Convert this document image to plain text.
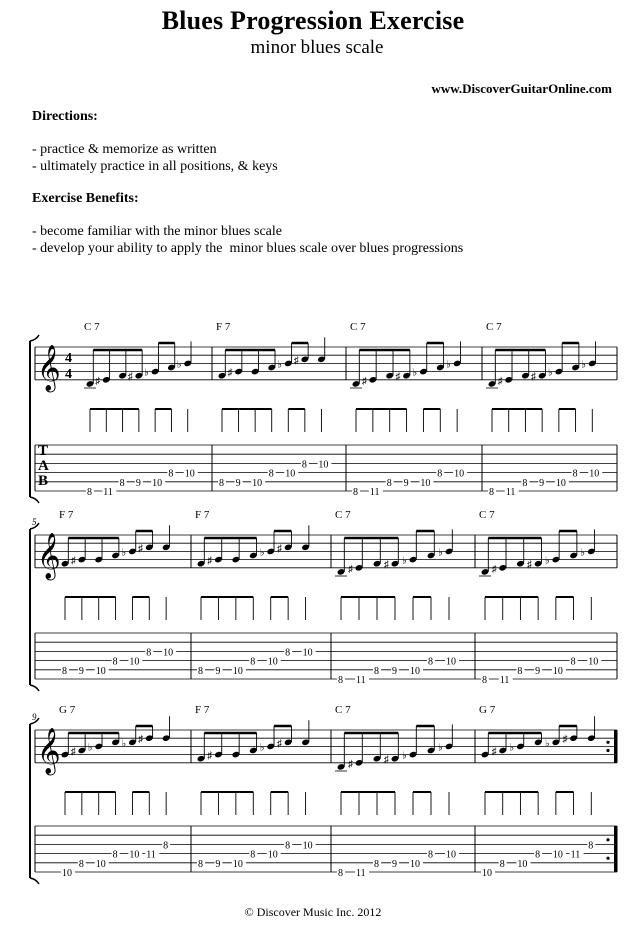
Blues Progression Exercise
minor blues scale
www.DiscoverGuitarOnline.com
Directions:
- practice & memorize as written
- ultimately practice in all positions, & keys
Exercise Benefits:
- become familiar with the minor blues scale
- develop your ability to apply the  minor blues scale over blues progressions
𝄞 4
4
T
A
B
C 7
♯	♯ ♭
♭
8 11
8 9 10
8 10
F 7
♯
♭ ♯
8 9 10
8 10
8 10
C 7
♯	♯ ♭
♭
8 11
8 9 10
8 10
C 7
♯	♯ ♭
♭
8 11
8 9 10
8 10
𝄞
5
F 7
♯
♭ ♯
8 9 10
8 10
8 10
F 7
♯
♭ ♯
8 9 10
8 10
8 10
C 7
♯	♯ ♭
♭
8 11
8 9 10
8 10
C 7
♯	♯ ♭
♭
8 11
8 9 10
8 10
𝄞
9
G 7
♯ ♭	♭ ♯
10
8 10
8 10 11
8
F 7
♯
♭ ♯
8 9 10
8 10
8 10
C 7
♯	♯ ♭
♭
8 11
8 9 10
8 10
G 7
♯ ♭	♭ ♯
10
8 10
8 10 11
8
© Discover Music Inc. 2012
